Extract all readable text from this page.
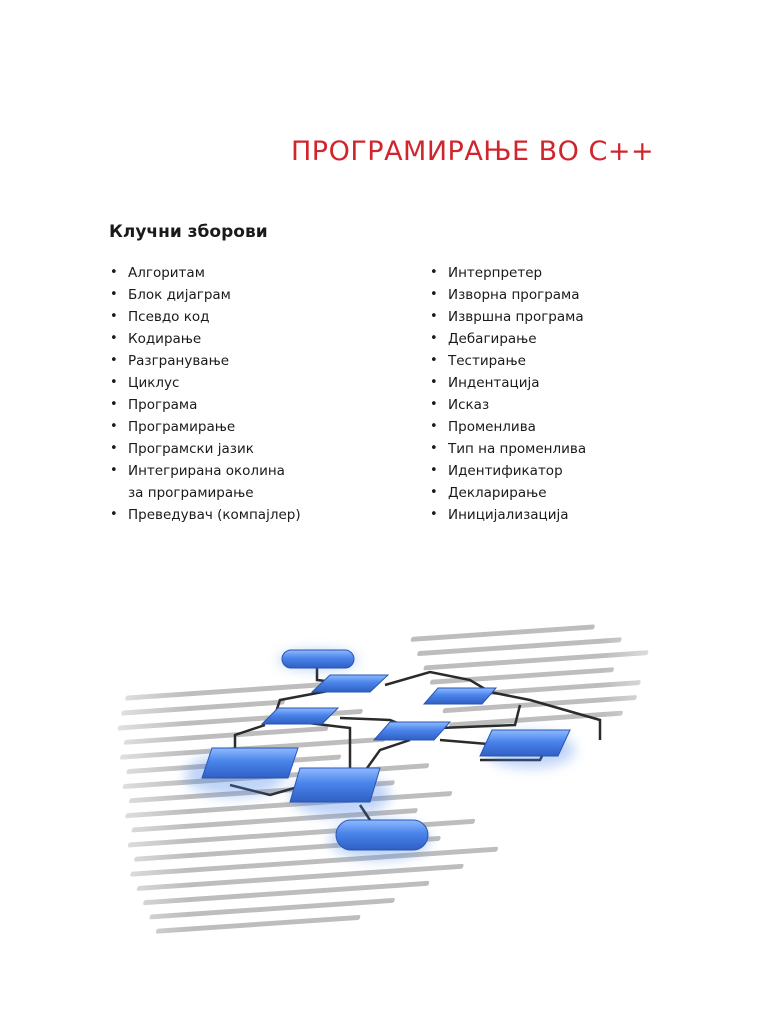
ПРОГРАМИРАЊЕ ВО C++
Клучни зборови
• Алгоритам
• Блок дијаграм
• Псевдо код
• Кодирање
• Разгранување
• Циклус
• Програма
• Програмирање
• Програмски јазик
• Интегрирана околина
за програмирање
• Преведувач (компајлер)
• Интерпретер
• Изворна програма
• Извршна програма
• Дебагирање
• Тестирање
• Индентација
• Исказ
• Променлива
• Тип на променлива
• Идентификатор
• Декларирање
• Иницијализација
